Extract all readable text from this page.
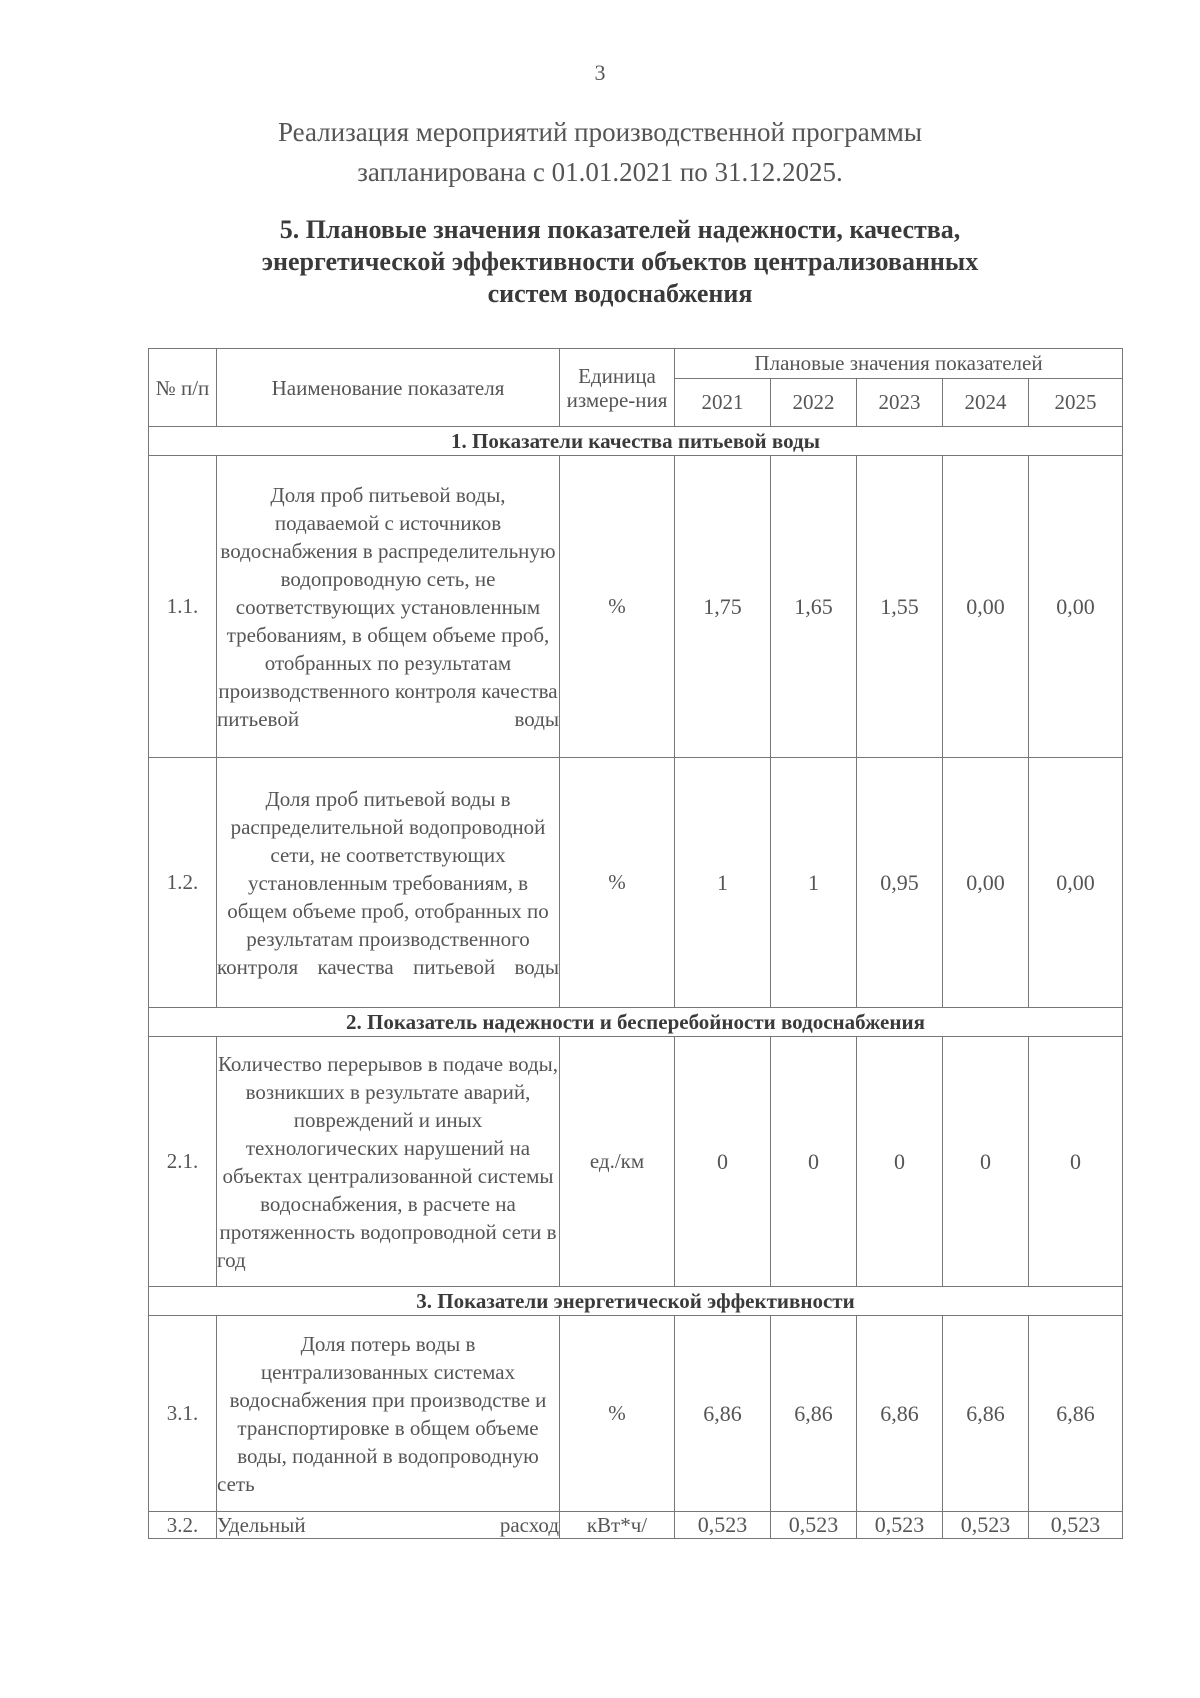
3
Реализация мероприятий производственной программы
запланирована с 01.01.2021 по 31.12.2025.
5. Плановые значения показателей надежности, качества,
энергетической эффективности объектов централизованных
систем водоснабжения
№ п/п	Наименование показателя	Единица измере-ния	Плановые значения показателей				
			2021	2022	2023	2024	2025
1. Показатели качества питьевой воды							
1.1.	Доля проб питьевой воды, подаваемой с источников водоснабжения в распределительную водопроводную сеть, не соответствующих установленным требованиям, в общем объеме проб, отобранных по результатам производственного контроля качества питьевой воды	%	1,75	1,65	1,55	0,00	0,00
1.2.	Доля проб питьевой воды в распределительной водопроводной сети, не соответствующих установленным требованиям, в общем объеме проб, отобранных по результатам производственного контроля качества питьевой воды	%	1	1	0,95	0,00	0,00
2. Показатель надежности и бесперебойности водоснабжения							
2.1.	Количество перерывов в подаче воды, возникших в результате аварий, повреждений и иных технологических нарушений на объектах централизованной системы водоснабжения, в расчете на протяженность водопроводной сети в год	ед./км	0	0	0	0	0
3. Показатели энергетической эффективности							
3.1.	Доля потерь воды в централизованных системах водоснабжения при производстве и транспортировке в общем объеме воды, поданной в водопроводную сеть	%	6,86	6,86	6,86	6,86	6,86
3.2.	Удельный расход	кВт*ч/	0,523	0,523	0,523	0,523	0,523
